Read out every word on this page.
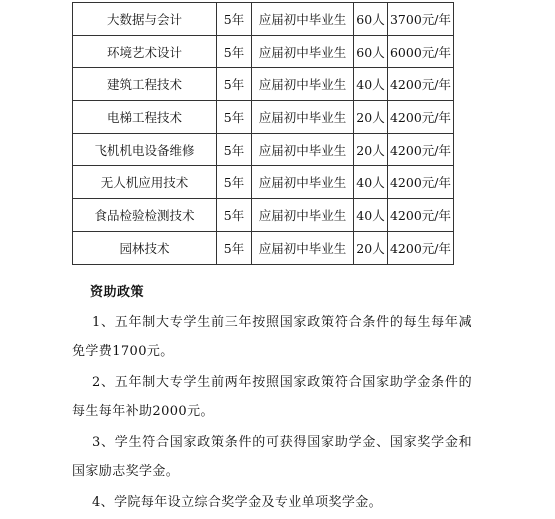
大数据与会计	5年	应届初中毕业生	60人	3700元/年
环境艺术设计	5年	应届初中毕业生	60人	6000元/年
建筑工程技术	5年	应届初中毕业生	40人	4200元/年
电梯工程技术	5年	应届初中毕业生	20人	4200元/年
飞机机电设备维修	5年	应届初中毕业生	20人	4200元/年
无人机应用技术	5年	应届初中毕业生	40人	4200元/年
食品检验检测技术	5年	应届初中毕业生	40人	4200元/年
园林技术	5年	应届初中毕业生	20人	4200元/年
资助政策

1、五年制大专学生前三年按照国家政策符合条件的每生每年减免学费1700元。

2、五年制大专学生前两年按照国家政策符合国家助学金条件的每生每年补助2000元。

3、学生符合国家政策条件的可获得国家助学金、国家奖学金和国家励志奖学金。

4、学院每年设立综合奖学金及专业单项奖学金。
